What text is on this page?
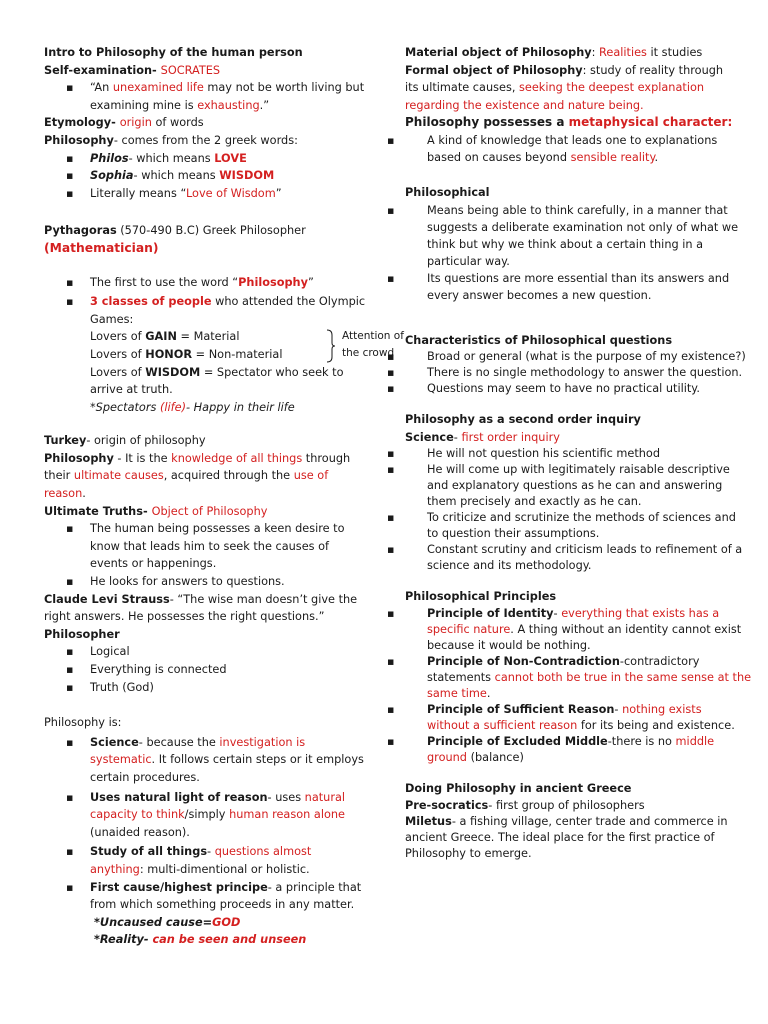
Intro to Philosophy of the human person
Self-examination- SOCRATES
▪ “An unexamined life may not be worth living but
examining mine is exhausting.”
Etymology- origin of words
Philosophy- comes from the 2 greek words:
▪ Philos- which means LOVE
▪ Sophia- which means WISDOM
▪ Literally means “Love of Wisdom”
Pythagoras (570-490 B.C) Greek Philosopher
(Mathematician)
▪ The first to use the word “Philosophy”
▪ 3 classes of people who attended the Olympic
Games:
Lovers of GAIN = Material
Lovers of HONOR = Non-material
Attention of
the crowd
Lovers of WISDOM = Spectator who seek to
arrive at truth.
*Spectators (life)- Happy in their life
Turkey- origin of philosophy
Philosophy - It is the knowledge of all things through
their ultimate causes, acquired through the use of
reason.
Ultimate Truths- Object of Philosophy
▪ The human being possesses a keen desire to
know that leads him to seek the causes of
events or happenings.
▪ He looks for answers to questions.
Claude Levi Strauss- “The wise man doesn’t give the
right answers. He possesses the right questions.”
Philosopher
▪ Logical
▪ Everything is connected
▪ Truth (God)
Philosophy is:
▪ Science- because the investigation is
systematic. It follows certain steps or it employs
certain procedures.
▪ Uses natural light of reason- uses natural
capacity to think/simply human reason alone
(unaided reason).
▪ Study of all things- questions almost
anything: multi-dimentional or holistic.
▪ First cause/highest principe- a principle that
from which something proceeds in any matter.
*Uncaused cause=GOD
*Reality- can be seen and unseen
Material object of Philosophy: Realities it studies
Formal object of Philosophy: study of reality through
its ultimate causes, seeking the deepest explanation
regarding the existence and nature being.
Philosophy possesses a metaphysical character:
▪ A kind of knowledge that leads one to explanations
based on causes beyond sensible reality.
Philosophical
▪ Means being able to think carefully, in a manner that
suggests a deliberate examination not only of what we
think but why we think about a certain thing in a
particular way.
▪ Its questions are more essential than its answers and
every answer becomes a new question.
Characteristics of Philosophical questions
▪ Broad or general (what is the purpose of my existence?)
▪ There is no single methodology to answer the question.
▪ Questions may seem to have no practical utility.
Philosophy as a second order inquiry
Science- first order inquiry
▪ He will not question his scientific method
▪ He will come up with legitimately raisable descriptive
and explanatory questions as he can and answering
them precisely and exactly as he can.
▪ To criticize and scrutinize the methods of sciences and
to question their assumptions.
▪ Constant scrutiny and criticism leads to refinement of a
science and its methodology.
Philosophical Principles
▪ Principle of Identity- everything that exists has a
specific nature. A thing without an identity cannot exist
because it would be nothing.
▪ Principle of Non-Contradiction-contradictory
statements cannot both be true in the same sense at the
same time.
▪ Principle of Sufficient Reason- nothing exists
without a sufficient reason for its being and existence.
▪ Principle of Excluded Middle-there is no middle
ground (balance)
Doing Philosophy in ancient Greece
Pre-socratics- first group of philosophers
Miletus- a fishing village, center trade and commerce in
ancient Greece. The ideal place for the first practice of
Philosophy to emerge.
